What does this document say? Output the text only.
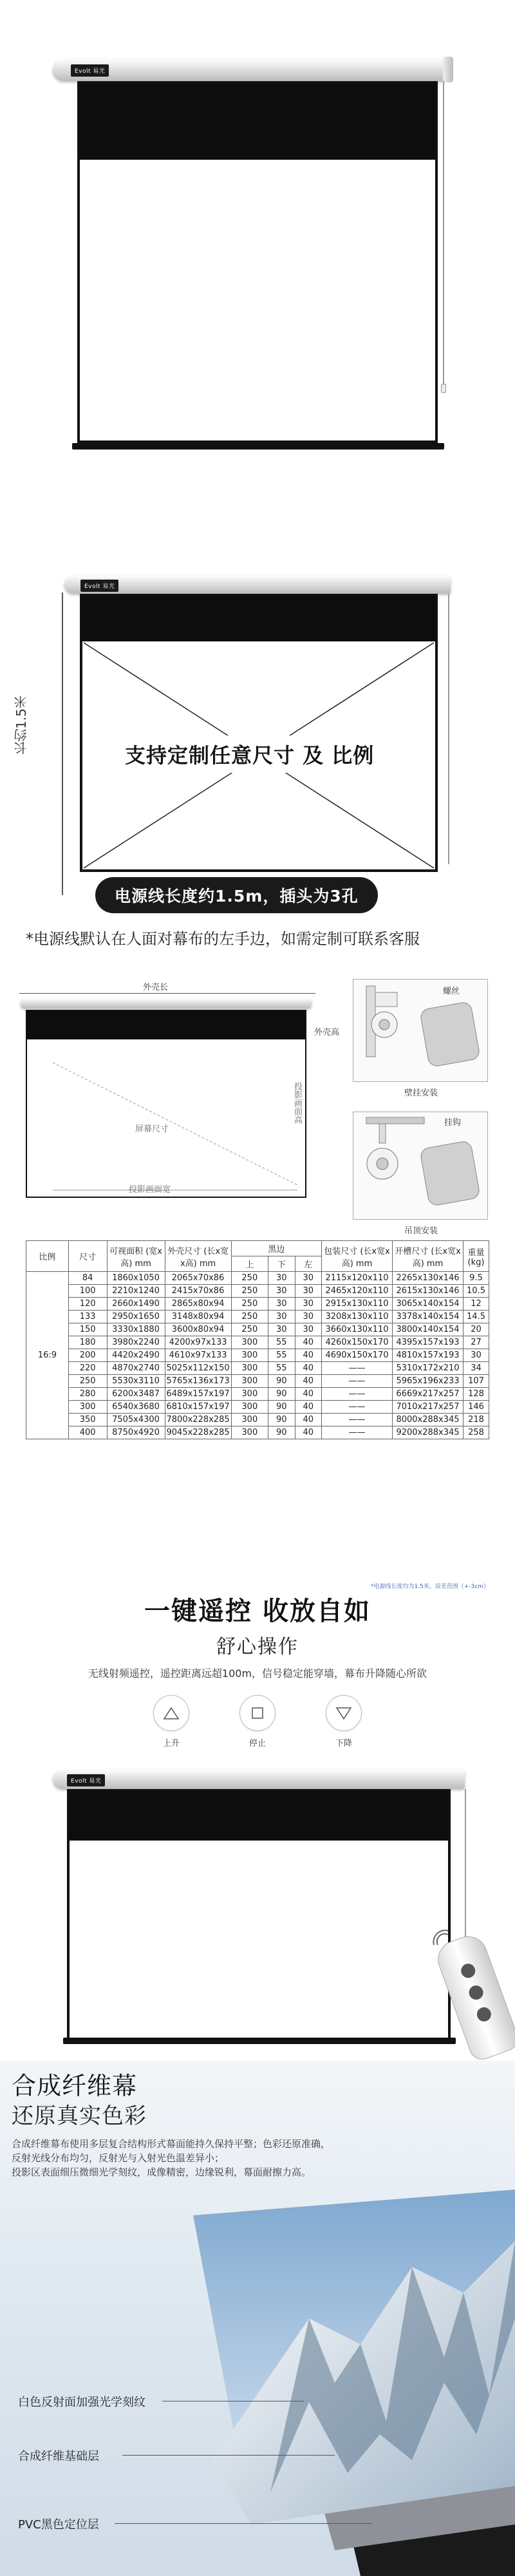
Evolt 易光
Evolt 易光
支持定制任意尺寸 及 比例
长约1.5米
电源线长度约1.5m，插头为3孔
*电源线默认在人面对幕布的左手边，如需定制可联系客服
外壳长
外壳高
屏幕尺寸
投影画面宽
投影画面高
螺丝
壁挂安装
挂钩
吊顶安装
比例	尺寸	可视面积 (宽x高) mm	外壳尺寸 (长x宽x高) mm	黑边			包装尺寸 (长x宽x高) mm	开槽尺寸 (长x宽x高) mm	重量 (kg)
				上	下	左			
16:9	84	1860x1050	2065x70x86	250	30	30	2115x120x110	2265x130x146	9.5
	100	2210x1240	2415x70x86	250	30	30	2465x120x110	2615x130x146	10.5
	120	2660x1490	2865x80x94	250	30	30	2915x130x110	3065x140x154	12
	133	2950x1650	3148x80x94	250	30	30	3208x130x110	3378x140x154	14.5
	150	3330x1880	3600x80x94	250	30	30	3660x130x110	3800x140x154	20
	180	3980x2240	4200x97x133	300	55	40	4260x150x170	4395x157x193	27
	200	4420x2490	4610x97x133	300	55	40	4690x150x170	4810x157x193	30
	220	4870x2740	5025x112x150	300	55	40	——	5310x172x210	34
	250	5530x3110	5765x136x173	300	90	40	——	5965x196x233	107
	280	6200x3487	6489x157x197	300	90	40	——	6669x217x257	128
	300	6540x3680	6810x157x197	300	90	40	——	7010x217x257	146
	350	7505x4300	7800x228x285	300	90	40	——	8000x288x345	218
	400	8750x4920	9045x228x285	300	90	40	——	9200x288x345	258
*电源线长度均为1.5米，误差范围（+-3cm）
一键遥控 收放自如
舒心操作
无线射频遥控，遥控距离远超100m，信号稳定能穿墙，幕布升降随心所欲
上升	停止	下降
Evolt 易光
合成纤维幕
还原真实色彩
合成纤维幕布使用多层复合结构形式幕面能持久保持平整；色彩还原准确，
反射光线分布均匀，反射光与入射光色温差异小；
投影区表面细压微细光学刻纹，成像精密，边缘锐利，幕面耐擦力高。
白色反射面加强光学刻纹
合成纤维基础层
PVC黑色定位层
